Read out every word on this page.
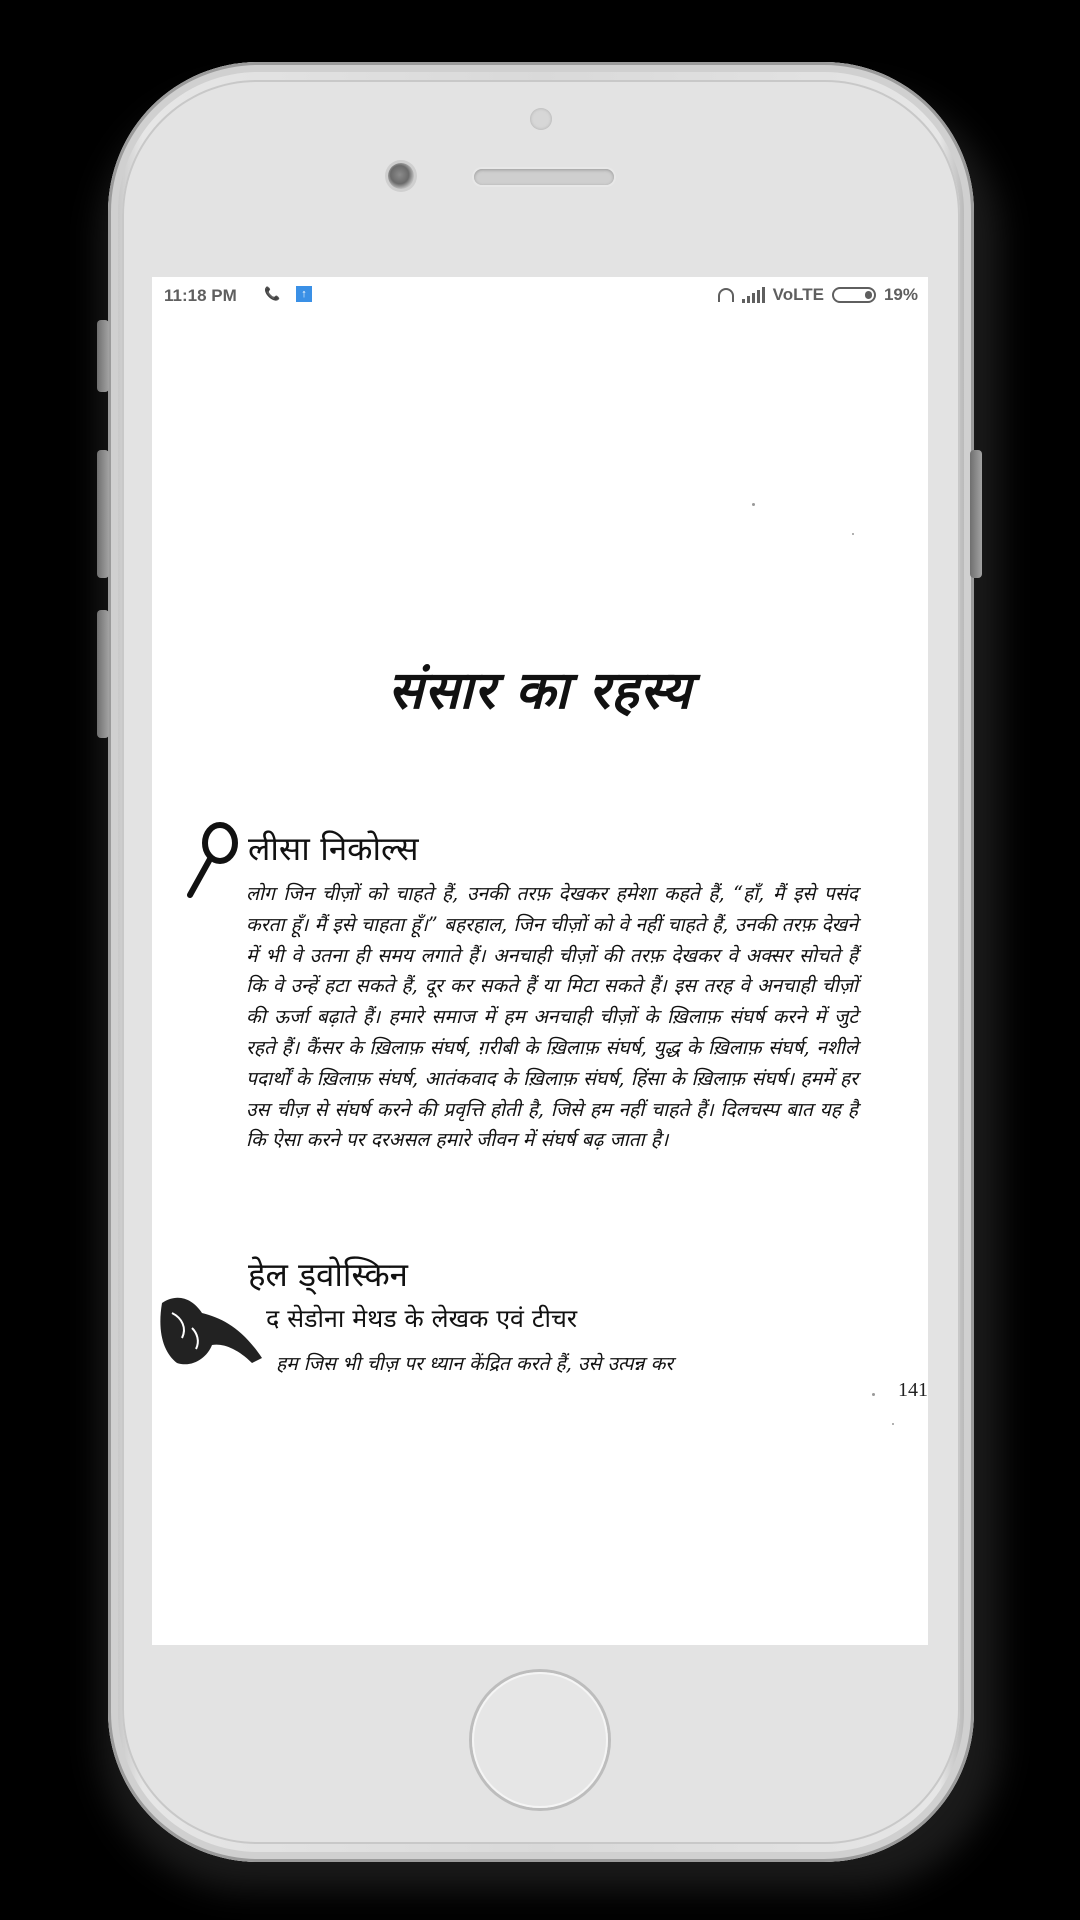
11:18 PM 📞	↑	VoLTE	19%
संसार का रहस्य
लीसा निकोल्स
लोग जिन चीज़ों को चाहते हैं, उनकी तरफ़ देखकर हमेशा कहते हैं, “हाँ, मैं इसे पसंद करता हूँ। मैं इसे चाहता हूँ।” बहरहाल, जिन चीज़ों को वे नहीं चाहते हैं, उनकी तरफ़ देखने में भी वे उतना ही समय लगाते हैं। अनचाही चीज़ों की तरफ़ देखकर वे अक्सर सोचते हैं कि वे उन्हें हटा सकते हैं, दूर कर सकते हैं या मिटा सकते हैं। इस तरह वे अनचाही चीज़ों की ऊर्जा बढ़ाते हैं। हमारे समाज में हम अनचाही चीज़ों के ख़िलाफ़ संघर्ष करने में जुटे रहते हैं। कैंसर के ख़िलाफ़ संघर्ष, ग़रीबी के ख़िलाफ़ संघर्ष, युद्ध के ख़िलाफ़ संघर्ष, नशीले पदार्थों के ख़िलाफ़ संघर्ष, आतंकवाद के ख़िलाफ़ संघर्ष, हिंसा के ख़िलाफ़ संघर्ष। हममें हर उस चीज़ से संघर्ष करने की प्रवृत्ति होती है, जिसे हम नहीं चाहते हैं। दिलचस्प बात यह है कि ऐसा करने पर दरअसल हमारे जीवन में संघर्ष बढ़ जाता है।
हेल ड्वोस्किन
द सेडोना मेथड के लेखक एवं टीचर
हम जिस भी चीज़ पर ध्यान केंद्रित करते हैं, उसे उत्पन्न कर
141
